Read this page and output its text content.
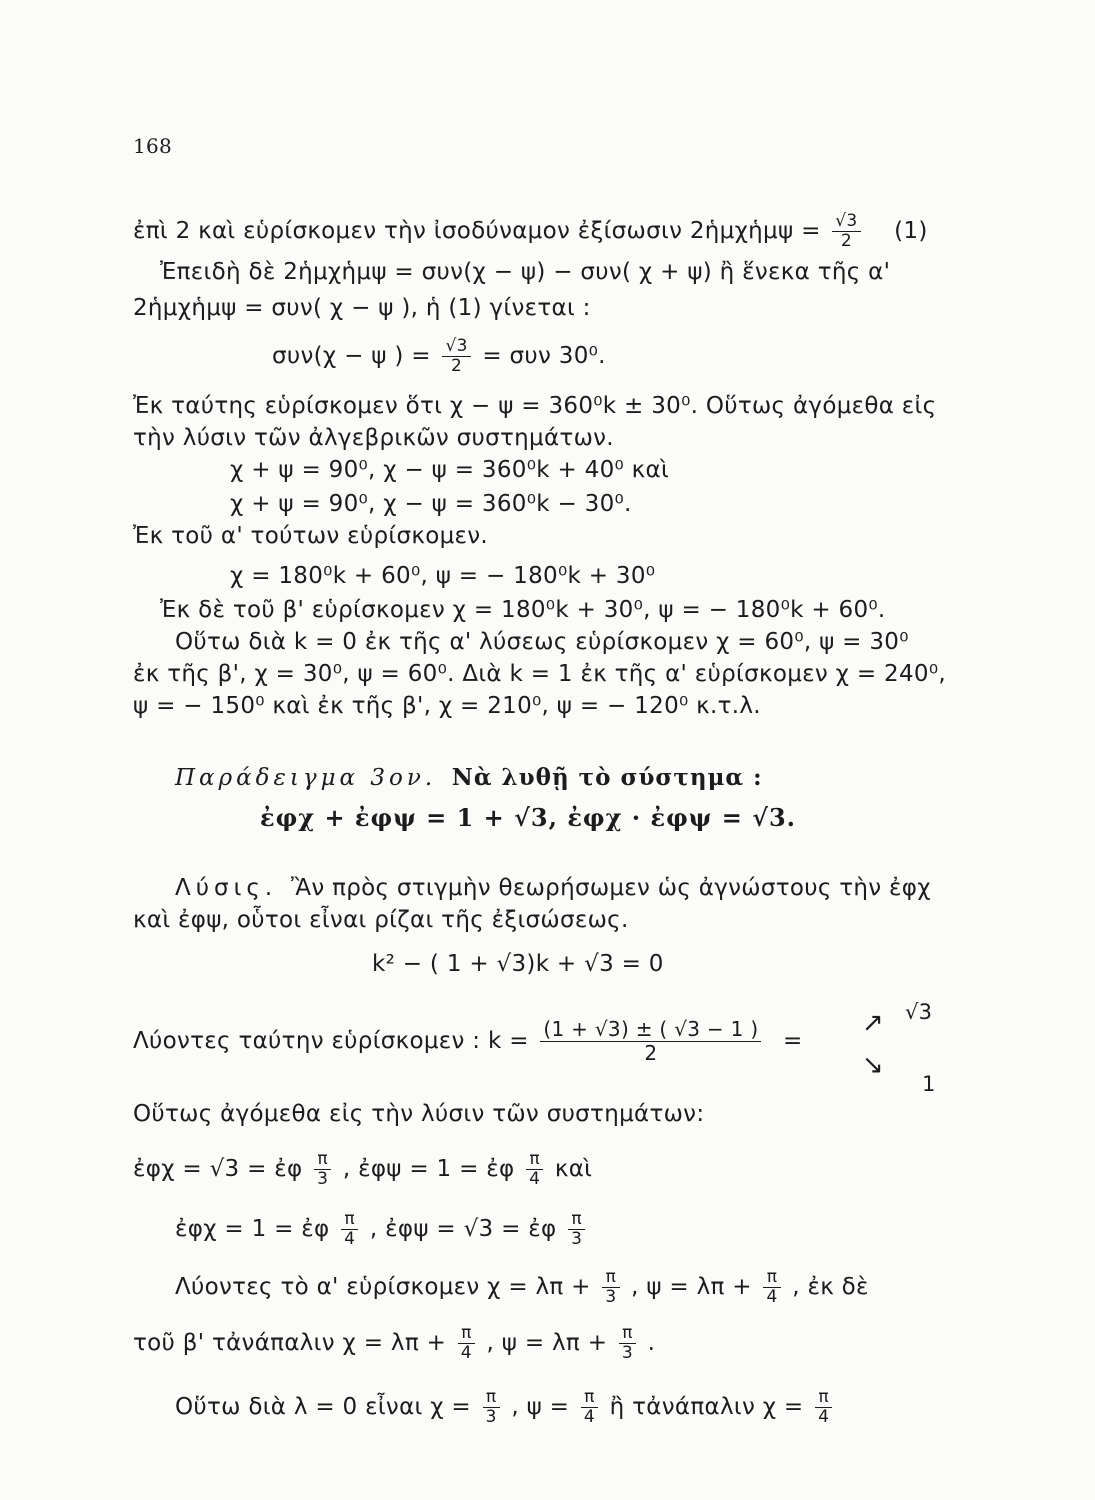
168
ἐπὶ 2 καὶ εὑρίσκομεν τὴν ἰσοδύναμον ἐξίσωσιν 2ἡμχἡμψ = $\frac{√3}{2} (1)$
Ἐπειδὴ δὲ 2ἡμχἡμψ = συν(χ − ψ) − συν( χ + ψ) ἢ ἕνεκα τῆς α'
2ἡμχἡμψ = συν( χ − ψ ), ἡ (1) γίνεται :
συν(χ − ψ ) = $\frac{√3}{2} = \sigma\upsilon\nu$ 30⁰.
Ἐκ ταύτης εὑρίσκομεν ὅτι χ − ψ = 360⁰k ± 30⁰. Οὕτως ἀγόμεθα εἰς
τὴν λύσιν τῶν ἀλγεβρικῶν συστημάτων.
χ + ψ = 90⁰, χ − ψ = 360⁰k + 40⁰ καὶ
χ + ψ = 90⁰, χ − ψ = 360⁰k − 30⁰.
Ἐκ τοῦ α' τούτων εὑρίσκομεν.
χ = 180⁰k + 60⁰, ψ = − 180⁰k + 30⁰
Ἐκ δὲ τοῦ β' εὑρίσκομεν χ = 180⁰k + 30⁰, ψ = − 180⁰k + 60⁰.
Οὕτω διὰ k = 0 ἐκ τῆς α' λύσεως εὑρίσκομεν χ = 60⁰, ψ = 30⁰
ἐκ τῆς β', χ = 30⁰, ψ = 60⁰. Διὰ k = 1 ἐκ τῆς α' εὑρίσκομεν χ = 240⁰,
ψ = − 150⁰ καὶ ἐκ τῆς β', χ = 210⁰, ψ = − 120⁰ κ.τ.λ.
Παράδειγμα 3ον. Νὰ λυθῇ τὸ σύστημα :
ἐφχ + ἐφψ = 1 + √3, ἐφχ · ἐφψ = √3.
Λύσις. Ἂν πρὸς στιγμὴν θεωρήσωμεν ὡς ἀγνώστους τὴν ἐφχ
καὶ ἐφψ, οὗτοι εἶναι ρίζαι τῆς ἐξισώσεως.
k² − ( 1 + √3)k + √3 = 0
Λύοντες ταύτην εὑρίσκομεν : $k = \frac{(1 + √3) \pm ( √3 - 1 )}{2}$ =
↗
↘
√3
1
Οὕτως ἀγόμεθα εἰς τὴν λύσιν τῶν συστημάτων:
ἐφχ = √3 = ἐφ $\frac{\pi}{3}$ , ἐφψ = 1 = ἐφ $\frac{\pi}{4}$ καὶ
ἐφχ = 1 = ἐφ $\frac{\pi}{4}$ , ἐφψ = √3 = ἐφ $\frac{\pi}{3}$
Λύοντες τὸ α' εὑρίσκομεν $\chi = \lambda\pi + \frac{\pi}{3}$ , $\psi = \lambda\pi + \frac{\pi}{4}$ , ἐκ δὲ
τοῦ β' τἀνάπαλιν $\chi = \lambda\pi + \frac{\pi}{4}$ , $\psi = \lambda\pi + \frac{\pi}{3}$ .
Οὕτω διὰ λ = 0 εἶναι $\chi = \frac{\pi}{3}$ , $\psi = \frac{\pi}{4}$ ἢ τἀνάπαλιν $\chi = \frac{\pi}{4}$
